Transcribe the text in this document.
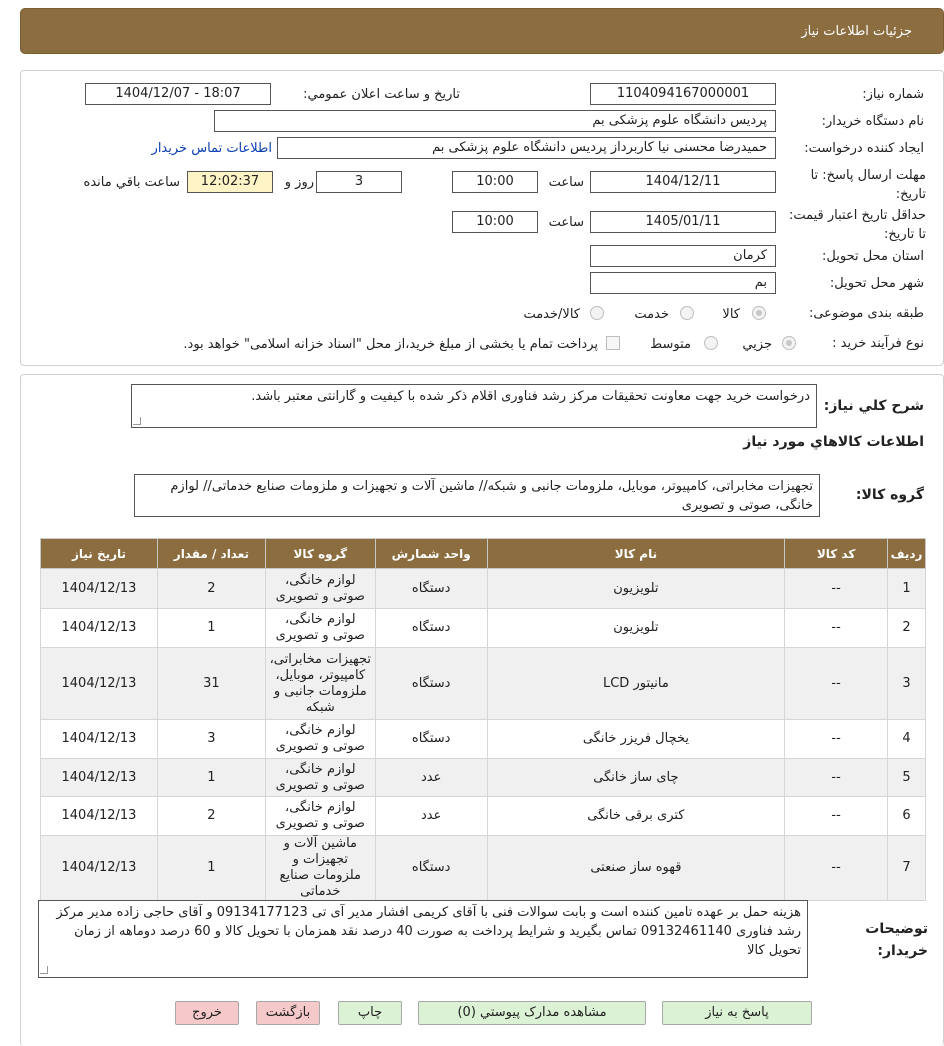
جزئیات اطلاعات نیاز
شماره نیاز:
1104094167000001
تاریخ و ساعت اعلان عمومي:
1404/12/07 - 18:07
نام دستگاه خريدار:
پرديس دانشگاه علوم پزشكی بم
ايجاد كننده درخواست:
حمیدرضا محسنی نیا کاربرداز پرديس دانشگاه علوم پزشكی بم
اطلاعات تماس خريدار
مهلت ارسال پاسخ: تا تاريخ:
1404/12/11
ساعت
10:00
3
روز و
12:02:37
ساعت باقي مانده
حداقل تاريخ اعتبار قيمت: تا تاريخ:
1405/01/11
ساعت
10:00
استان محل تحويل:
كرمان
شهر محل تحويل:
بم
طبقه بندی موضوعی:
كالا
خدمت
كالا/خدمت
نوع فرآيند خريد :
جزيي
متوسط
پرداخت تمام يا بخشی از مبلغ خريد،از محل "اسناد خزانه اسلامی" خواهد بود.
شرح كلي نياز:
درخواست خرید جهت معاونت تحقیقات مرکز رشد فناوری اقلام ذکر شده با کیفیت و گارانتی معتبر باشد.
اطلاعات كالاهاي مورد نياز
گروه كالا:
تجهیزات مخابراتی، کامپیوتر، موبایل، ملزومات جانبی و شبکه// ماشین آلات و تجهیزات و ملزومات صنایع خدماتی// لوازم خانگی، صوتی و تصویری
رديف	كد كالا	نام كالا	واحد شمارش	گروه كالا	تعداد / مقدار	تاريخ نياز
1	--	تلويزيون	دستگاه	لوازم خانگی، صوتی و تصویری	2	1404/12/13
2	--	تلويزيون	دستگاه	لوازم خانگی، صوتی و تصویری	1	1404/12/13
3	--	مانيتور LCD	دستگاه	تجهیزات مخابراتی، کامپیوتر، موبایل، ملزومات جانبی و شبکه	31	1404/12/13
4	--	يخچال فريزر خانگی	دستگاه	لوازم خانگی، صوتی و تصویری	3	1404/12/13
5	--	چای ساز خانگی	عدد	لوازم خانگی، صوتی و تصویری	1	1404/12/13
6	--	كتری برقی خانگی	عدد	لوازم خانگی، صوتی و تصویری	2	1404/12/13
7	--	قهوه ساز صنعتی	دستگاه	ماشین آلات و تجهیزات و ملزومات صنایع خدماتی	1	1404/12/13
توضيحات خريدار:
هزینه حمل بر عهده تامین کننده است و بابت سوالات فنی با آقای کریمی افشار مدیر آی تی 09134177123 و آقای حاجی زاده مدیر مرکز رشد فناوری 09132461140 تماس بگیرید و شرایط پرداخت به صورت 40 درصد نقد همزمان با تحویل کالا و 60 درصد دوماهه از زمان تحویل کالا
پاسخ به نياز
مشاهده مدارک پيوستي (0)
چاپ
بازگشت
خروج
